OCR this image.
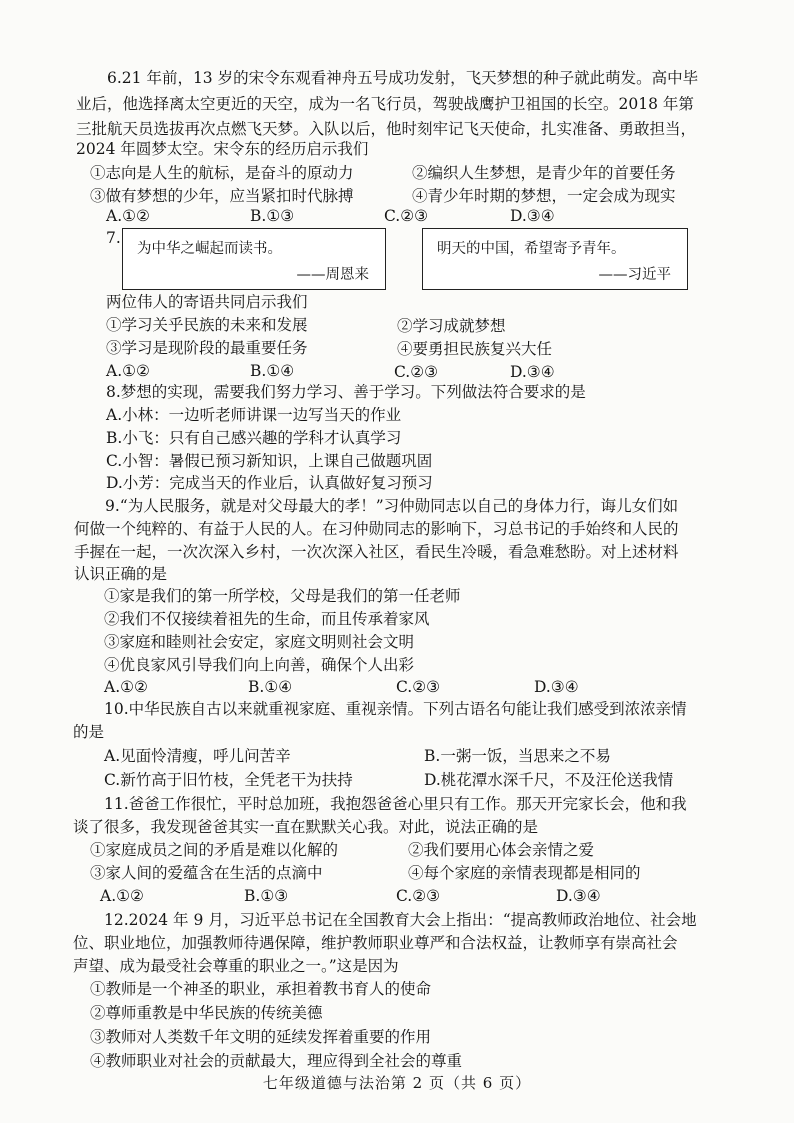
6.21 年前，13 岁的宋令东观看神舟五号成功发射，飞天梦想的种子就此萌发。高中毕
业后，他选择离太空更近的天空，成为一名飞行员，驾驶战鹰护卫祖国的长空。2018 年第
三批航天员选拔再次点燃飞天梦。入队以后，他时刻牢记飞天使命，扎实准备、勇敢担当，
2024 年圆梦太空。宋令东的经历启示我们
①志向是人生的航标，是奋斗的原动力	②编织人生梦想，是青少年的首要任务
③做有梦想的少年，应当紧扣时代脉搏	④青少年时期的梦想，一定会成为现实
A.①②	B.①③	C.②③	D.③④
7.
为中华之崛起而读书。
——周恩来
明天的中国，希望寄予青年。
——习近平
两位伟人的寄语共同启示我们
①学习关乎民族的未来和发展	②学习成就梦想
③学习是现阶段的最重要任务	④要勇担民族复兴大任
A.①②	B.①④	C.②③	D.③④
8.梦想的实现，需要我们努力学习、善于学习。下列做法符合要求的是
A.小林：一边听老师讲课一边写当天的作业
B.小飞：只有自己感兴趣的学科才认真学习
C.小智：暑假已预习新知识，上课自己做题巩固
D.小芳：完成当天的作业后，认真做好复习预习
9.“为人民服务，就是对父母最大的孝！”习仲勋同志以自己的身体力行，诲儿女们如
何做一个纯粹的、有益于人民的人。在习仲勋同志的影响下，习总书记的手始终和人民的
手握在一起，一次次深入乡村，一次次深入社区，看民生冷暖，看急难愁盼。对上述材料
认识正确的是
①家是我们的第一所学校，父母是我们的第一任老师
②我们不仅接续着祖先的生命，而且传承着家风
③家庭和睦则社会安定，家庭文明则社会文明
④优良家风引导我们向上向善，确保个人出彩
A.①②	B.①④	C.②③	D.③④
10.中华民族自古以来就重视家庭、重视亲情。下列古语名句能让我们感受到浓浓亲情
的是
A.见面怜清瘦，呼儿问苦辛	B.一粥一饭，当思来之不易
C.新竹高于旧竹枝，全凭老干为扶持	D.桃花潭水深千尺，不及汪伦送我情
11.爸爸工作很忙，平时总加班，我抱怨爸爸心里只有工作。那天开完家长会，他和我
谈了很多，我发现爸爸其实一直在默默关心我。对此，说法正确的是
①家庭成员之间的矛盾是难以化解的	②我们要用心体会亲情之爱
③家人间的爱蕴含在生活的点滴中	④每个家庭的亲情表现都是相同的
A.①②	B.①③	C.②③	D.③④
12.2024 年 9 月，习近平总书记在全国教育大会上指出：“提高教师政治地位、社会地
位、职业地位，加强教师待遇保障，维护教师职业尊严和合法权益，让教师享有崇高社会
声望、成为最受社会尊重的职业之一。”这是因为
①教师是一个神圣的职业，承担着教书育人的使命
②尊师重教是中华民族的传统美德
③教师对人类数千年文明的延续发挥着重要的作用
④教师职业对社会的贡献最大，理应得到全社会的尊重
七年级道德与法治第 2 页（共 6 页）
